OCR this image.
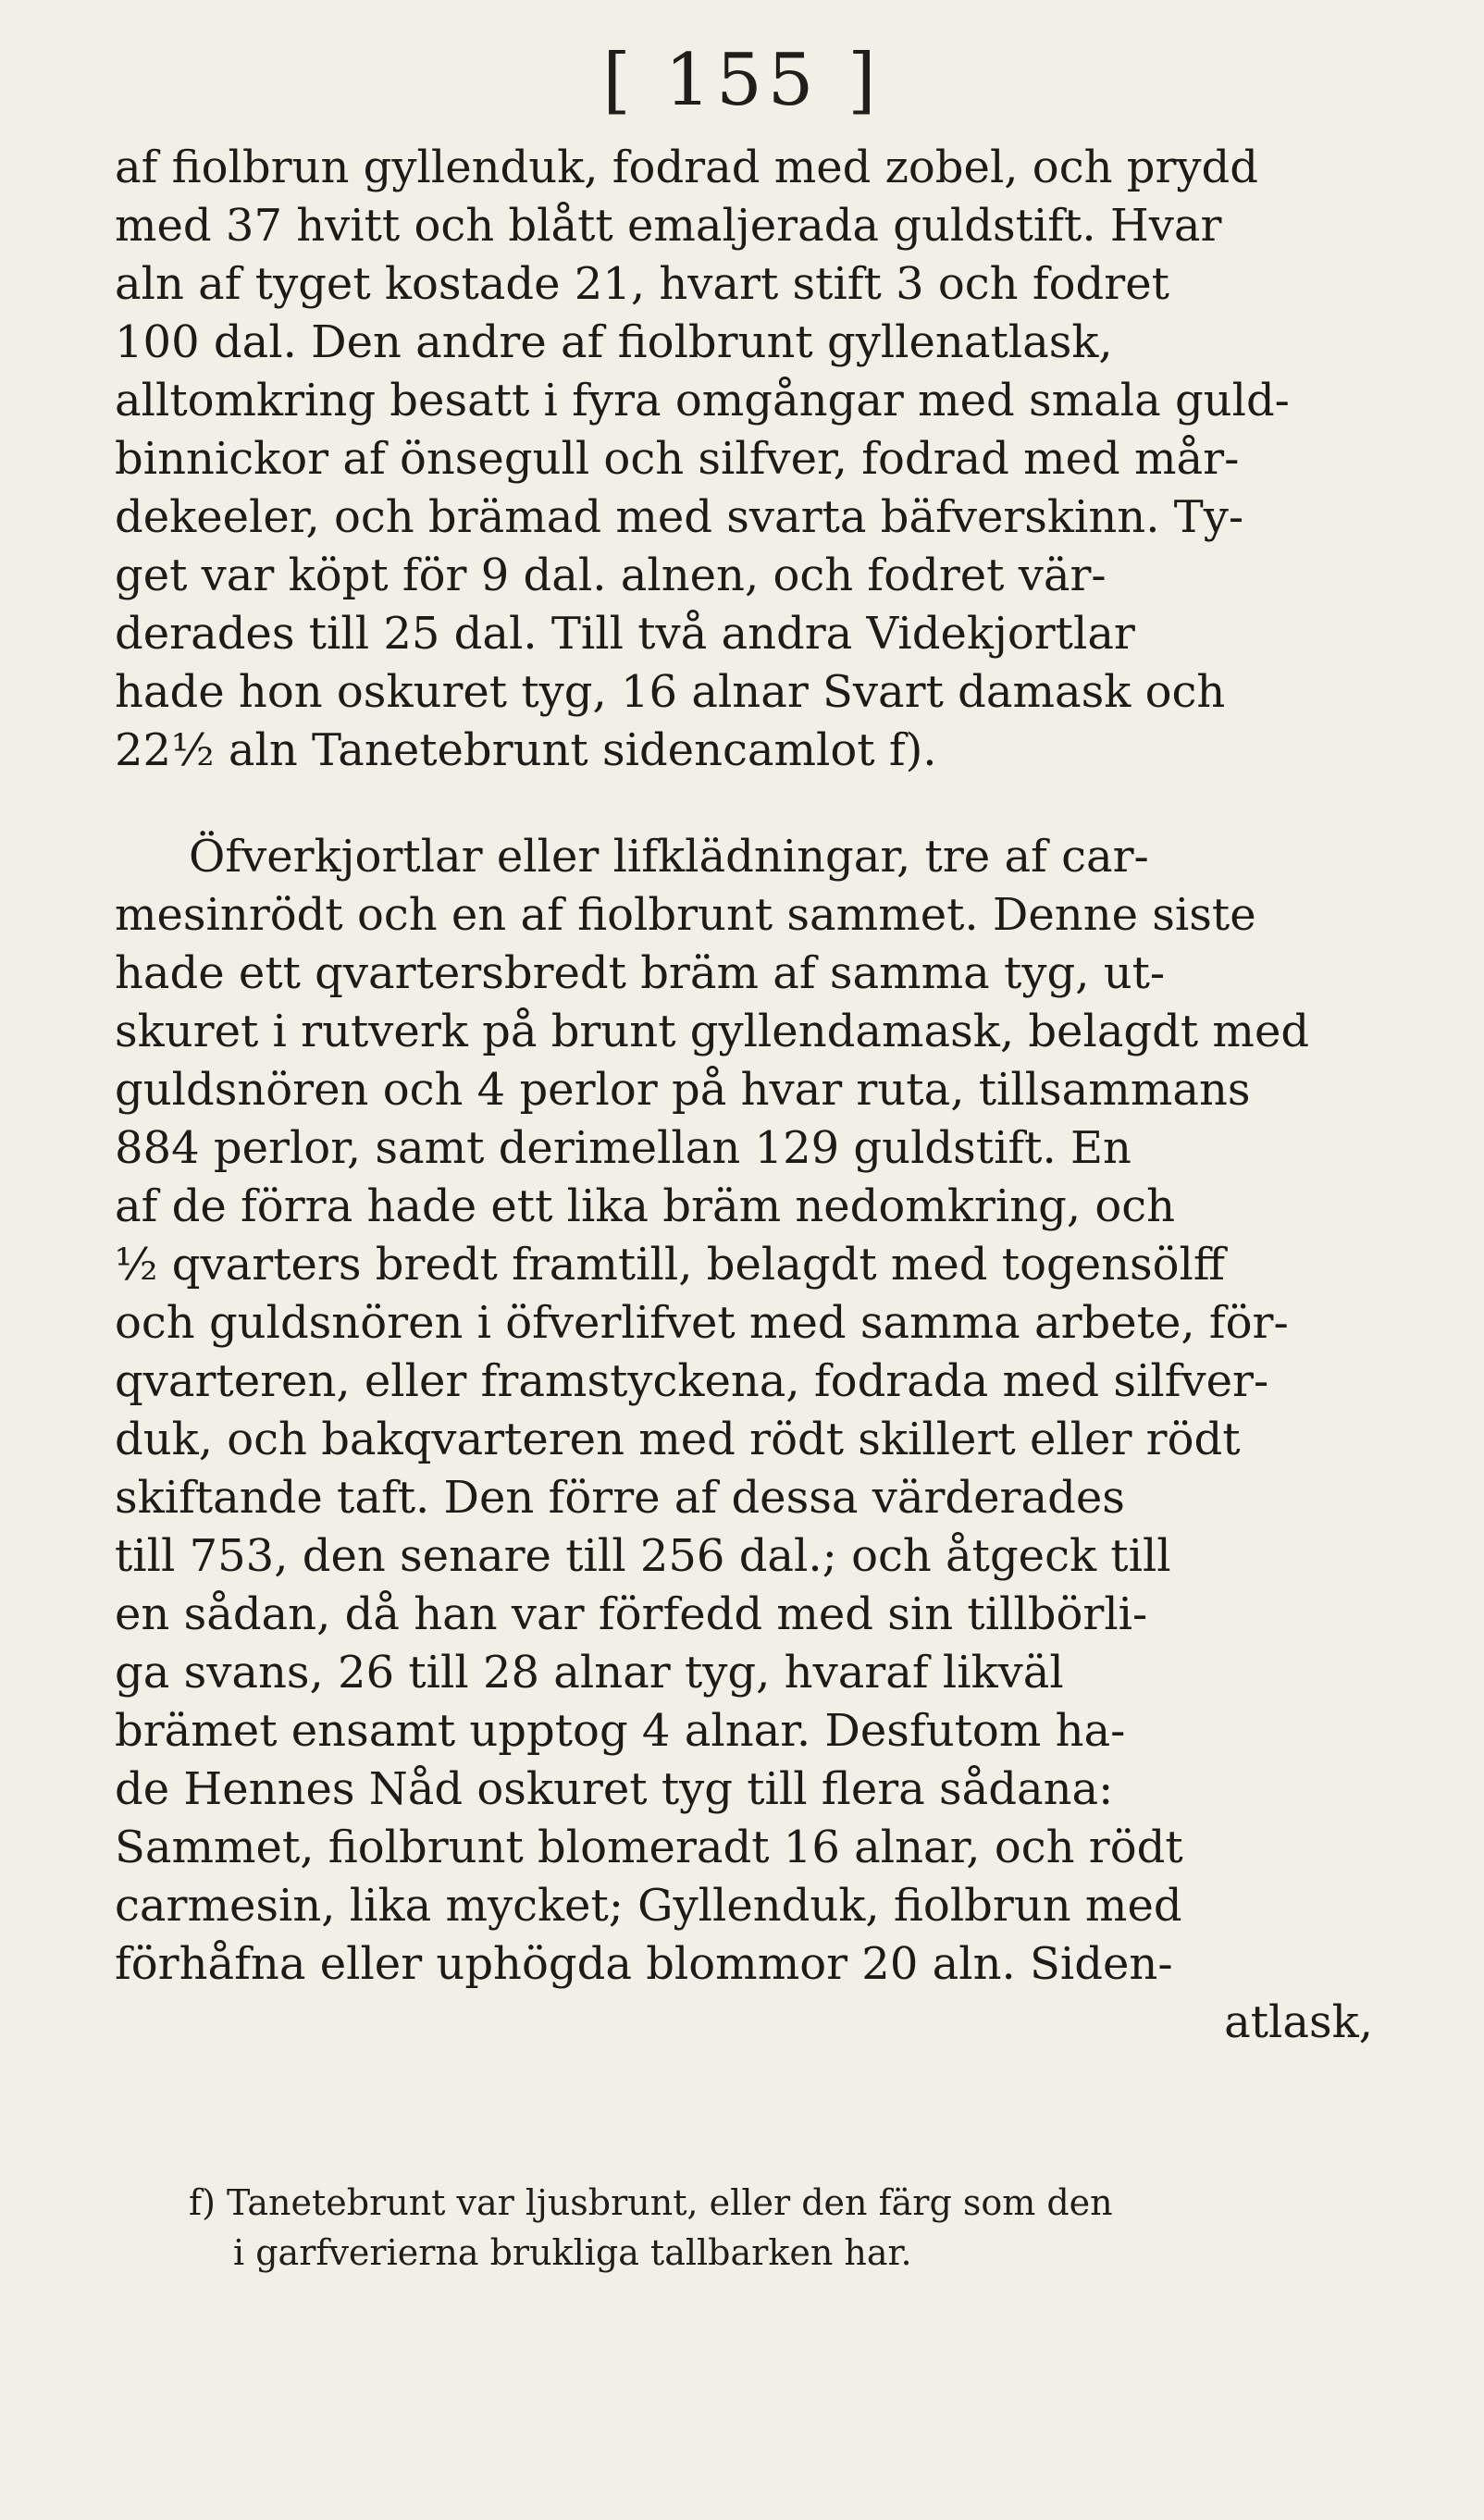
[ 155 ]
af fiolbrun gyllenduk, fodrad med zobel, och prydd
med 37 hvitt och blått emaljerada guldstift. Hvar
aln af tyget kostade 21, hvart stift 3 och fodret
100 dal. Den andre af fiolbrunt gyllenatlask,
alltomkring besatt i fyra omgångar med smala guld-
binnickor af önsegull och silfver, fodrad med mår-
dekeeler, och brämad med svarta bäfverskinn. Ty-
get var köpt för 9 dal. alnen, och fodret vär-
derades till 25 dal. Till två andra Videkjortlar
hade hon oskuret tyg, 16 alnar Svart damask och
22½ aln Tanetebrunt sidencamlot f).
Öfverkjortlar eller lifklädningar, tre af car-
mesinrödt och en af fiolbrunt sammet. Denne siste
hade ett qvartersbredt bräm af samma tyg, ut-
skuret i rutverk på brunt gyllendamask, belagdt med
guldsnören och 4 perlor på hvar ruta, tillsammans
884 perlor, samt derimellan 129 guldstift. En
af de förra hade ett lika bräm nedomkring, och
½ qvarters bredt framtill, belagdt med togensölff
och guldsnören i öfverlifvet med samma arbete, för-
qvarteren, eller framstyckena, fodrada med silfver-
duk, och bakqvarteren med rödt skillert eller rödt
skiftande taft. Den förre af dessa värderades
till 753, den senare till 256 dal.; och åtgeck till
en sådan, då han var förfedd med sin tillbörli-
ga svans, 26 till 28 alnar tyg, hvaraf likväl
brämet ensamt upptog 4 alnar. Desfutom ha-
de Hennes Nåd oskuret tyg till flera sådana:
Sammet, fiolbrunt blomeradt 16 alnar, och rödt
carmesin, lika mycket; Gyllenduk, fiolbrun med
förhåfna eller uphögda blommor 20 aln. Siden-
atlask,
f) Tanetebrunt var ljusbrunt, eller den färg som den
i garfverierna brukliga tallbarken har.
